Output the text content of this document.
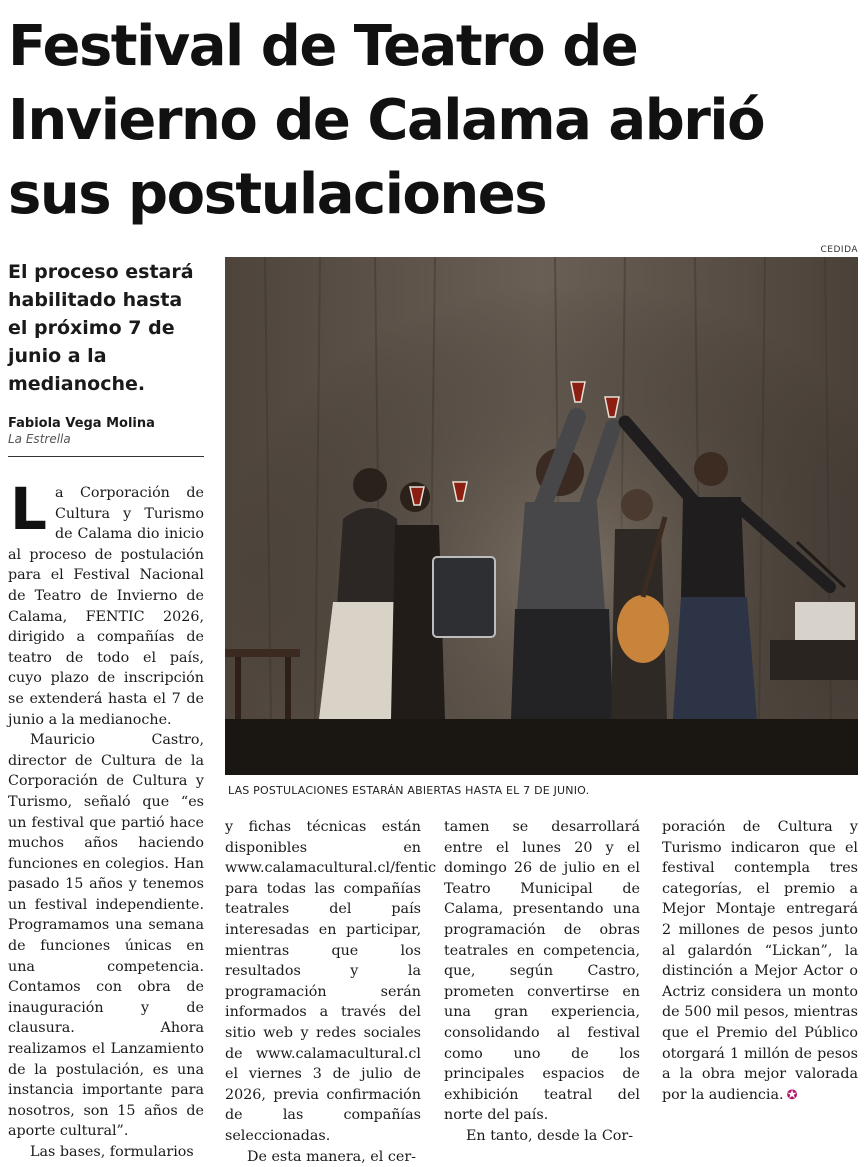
Festival de Teatro de Invierno de Calama abrió sus postulaciones
CEDIDA
El proceso estará habilitado hasta el próximo 7 de junio a la medianoche.
Fabiola Vega Molina
La Estrella
LAS POSTULACIONES ESTARÁN ABIERTAS HASTA EL 7 DE JUNIO.

La Corporación de Cultura y Turismo de Calama dio inicio al proceso de postulación para el Festival Nacional de Teatro de Invierno de Calama, FENTIC 2026, dirigido a compañías de teatro de todo el país, cuyo plazo de inscripción se extenderá hasta el 7 de junio a la medianoche.

Mauricio Castro, director de Cultura de la Corporación de Cultura y Turismo, señaló que “es un festival que partió hace muchos años haciendo funciones en colegios. Han pasado 15 años y tenemos un festival independiente. Programamos una semana de funciones únicas en una competencia. Contamos con obra de inauguración y de clausura. Ahora realizamos el Lanzamiento de la postulación, es una instancia importante para nosotros, son 15 años de aporte cultural”.

Las bases, formularios

y fichas técnicas están disponibles en www.calamacultural.cl/fentic para todas las compañías teatrales del país interesadas en participar, mientras que los resultados y la programación serán informados a través del sitio web y redes sociales de www.calamacultural.cl el viernes 3 de julio de 2026, previa confirmación de las compañías seleccionadas.

De esta manera, el cer-

tamen se desarrollará entre el lunes 20 y el domingo 26 de julio en el Teatro Municipal de Calama, presentando una programación de obras teatrales en competencia, que, según Castro, prometen convertirse en una gran experiencia, consolidando al festival como uno de los principales espacios de exhibición teatral del norte del país.

En tanto, desde la Cor-

poración de Cultura y Turismo indicaron que el festival contempla tres categorías, el premio a Mejor Montaje entregará 2 millones de pesos junto al galardón “Lickan”, la distinción a Mejor Actor o Actriz considera un monto de 500 mil pesos, mientras que el Premio del Público otorgará 1 millón de pesos a la obra mejor valorada por la audiencia. ✪
